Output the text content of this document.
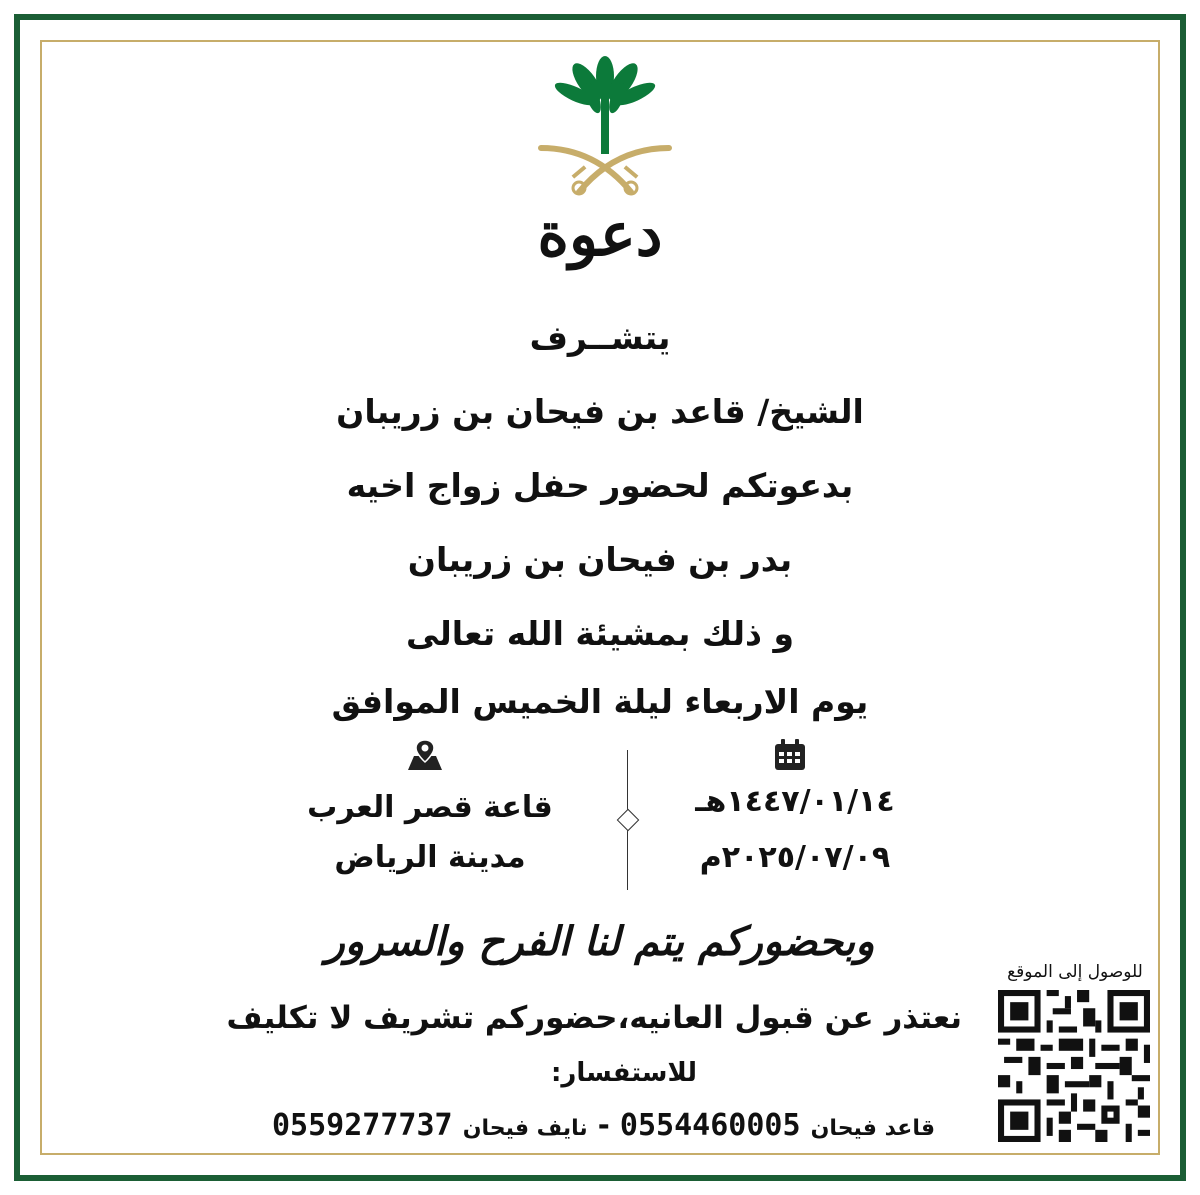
دعوة
يتشــرف
الشيخ/ قاعد بن فيحان بن زريبان
بدعوتكم لحضور حفل زواج اخيه
بدر بن فيحان بن زريبان
و ذلك بمشيئة الله تعالى
يوم الاربعاء ليلة الخميس الموافق
١٤٤٧/٠١/١٤هـ
٢٠٢٥/٠٧/٠٩م
قاعة قصر العرب
مدينة الرياض
وبحضوركم يتم لنا الفرح والسرور
للوصول إلى الموقع
نعتذر عن قبول العانيه،حضوركم تشريف لا تكليف
للاستفسار:
0559277737 نايف فيحان - 0554460005 قاعد فيحان
